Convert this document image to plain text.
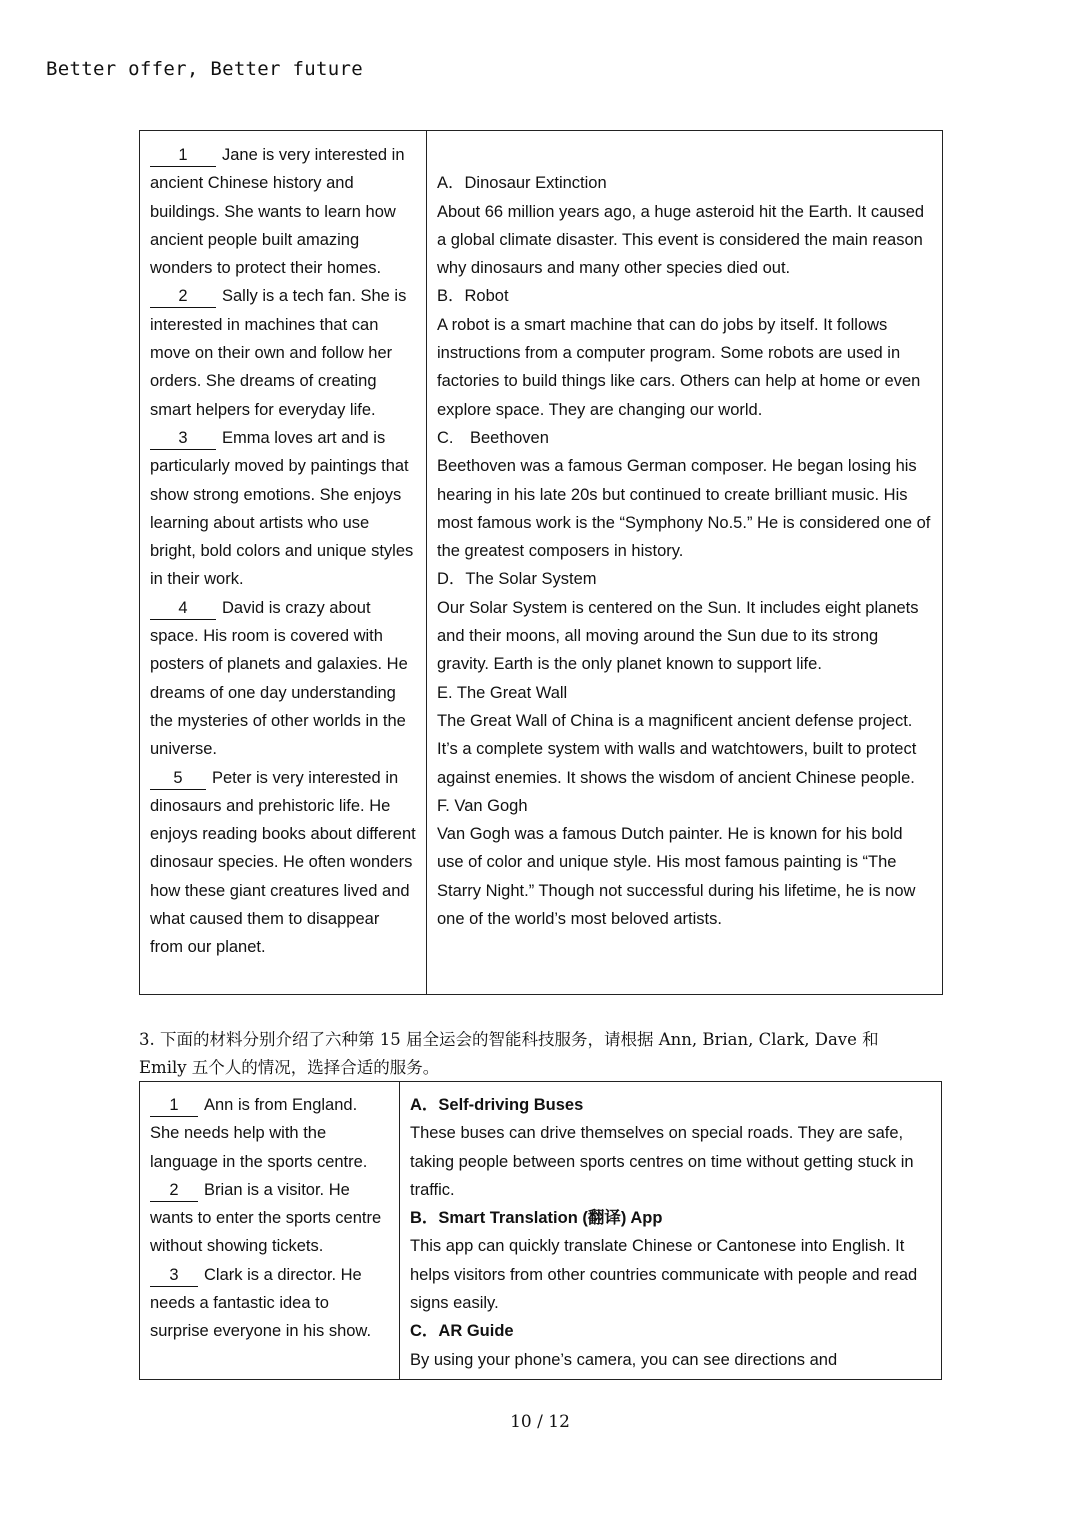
Better offer, Better future
1 Jane is very interested in ancient Chinese history and buildings. She wants to learn how ancient people built amazing wonders to protect their homes.
2 Sally is a tech fan. She is interested in machines that can move on their own and follow her orders. She dreams of creating smart helpers for everyday life.
3 Emma loves art and is particularly moved by paintings that show strong emotions. She enjoys learning about artists who use bright, bold colors and unique styles in their work.
4 David is crazy about space. His room is covered with posters of planets and galaxies. He dreams of one day understanding the mysteries of other worlds in the universe.
5 Peter is very interested in dinosaurs and prehistoric life. He enjoys reading books about different dinosaur species. He often wonders how these giant creatures lived and what caused them to disappear from our planet.

A．Dinosaur Extinction
About 66 million years ago, a huge asteroid hit the Earth. It caused a global climate disaster. This event is considered the main reason why dinosaurs and many other species died out.
B．Robot
A robot is a smart machine that can do jobs by itself. It follows instructions from a computer program. Some robots are used in factories to build things like cars. Others can help at home or even explore space. They are changing our world.
C.　Beethoven
Beethoven was a famous German composer. He began losing his hearing in his late 20s but continued to create brilliant music. His most famous work is the “Symphony No.5.” He is considered one of the greatest composers in history.
D．The Solar System
Our Solar System is centered on the Sun. It includes eight planets and their moons, all moving around the Sun due to its strong gravity. Earth is the only planet known to support life.
E. The Great Wall
The Great Wall of China is a magnificent ancient defense project. It’s a complete system with walls and watchtowers, built to protect against enemies. It shows the wisdom of ancient Chinese people.
F. Van Gogh
Van Gogh was a famous Dutch painter. He is known for his bold use of color and unique style. His most famous painting is “The Starry Night.” Though not successful during his lifetime, he is now one of the world’s most beloved artists.
3. 下面的材料分别介绍了六种第 15 届全运会的智能科技服务，请根据 Ann, Brian, Clark, Dave 和
Emily 五个人的情况，选择合适的服务。
1 Ann is from England. She needs help with the language in the sports centre.
2 Brian is a visitor. He wants to enter the sports centre without showing tickets.
3 Clark is a director. He needs a fantastic idea to surprise everyone in his show.

A．Self-driving Buses
These buses can drive themselves on special roads. They are safe, taking people between sports centres on time without getting stuck in traffic.
B．Smart Translation (翻译) App
This app can quickly translate Chinese or Cantonese into English. It helps visitors from other countries communicate with people and read signs easily.
C．AR Guide
By using your phone’s camera, you can see directions and
10 / 12
